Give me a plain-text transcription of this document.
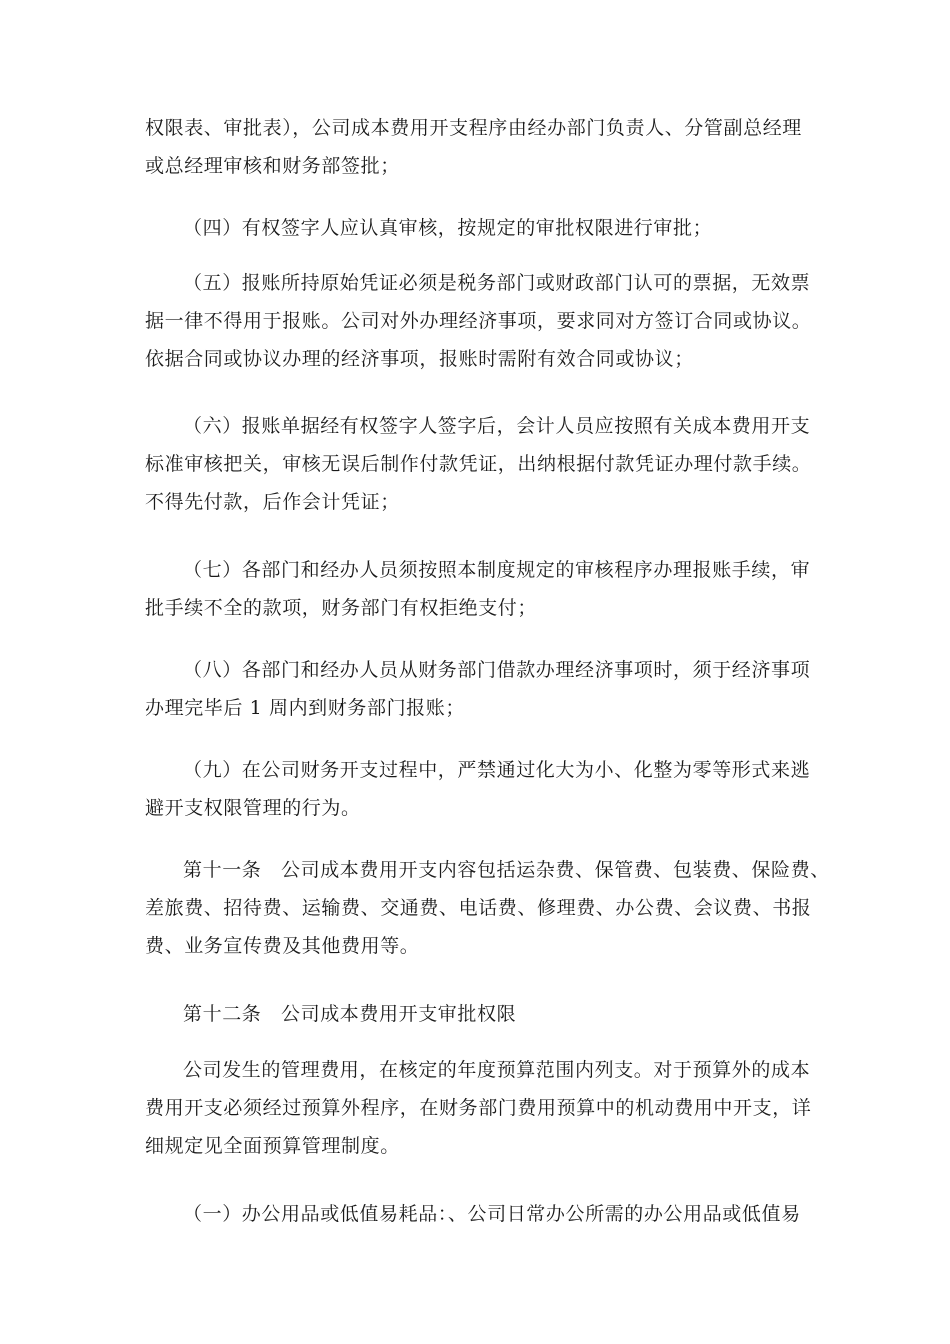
权限表、审批表），公司成本费用开支程序由经办部门负责人、分管副总经理
或总经理审核和财务部签批；

（四）有权签字人应认真审核，按规定的审批权限进行审批；

（五）报账所持原始凭证必须是税务部门或财政部门认可的票据，无效票
据一律不得用于报账。公司对外办理经济事项，要求同对方签订合同或协议。
依据合同或协议办理的经济事项，报账时需附有效合同或协议；

（六）报账单据经有权签字人签字后，会计人员应按照有关成本费用开支
标准审核把关，审核无误后制作付款凭证，出纳根据付款凭证办理付款手续。
不得先付款，后作会计凭证；

（七）各部门和经办人员须按照本制度规定的审核程序办理报账手续，审
批手续不全的款项，财务部门有权拒绝支付；

（八）各部门和经办人员从财务部门借款办理经济事项时，须于经济事项
办理完毕后 1 周内到财务部门报账；

（九）在公司财务开支过程中，严禁通过化大为小、化整为零等形式来逃
避开支权限管理的行为。

第十一条　公司成本费用开支内容包括运杂费、保管费、包装费、保险费、
差旅费、招待费、运输费、交通费、电话费、修理费、办公费、会议费、书报
费、业务宣传费及其他费用等。

第十二条　公司成本费用开支审批权限

公司发生的管理费用，在核定的年度预算范围内列支。对于预算外的成本
费用开支必须经过预算外程序，在财务部门费用预算中的机动费用中开支，详
细规定见全面预算管理制度。

（一）办公用品或低值易耗品：、公司日常办公所需的办公用品或低值易
